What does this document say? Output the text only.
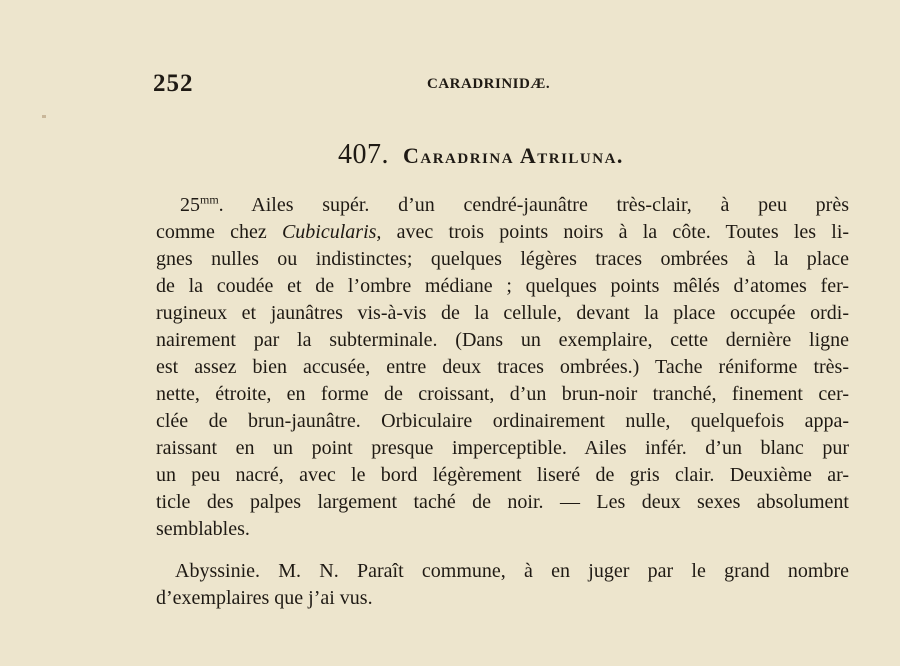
252	CARADRINIDÆ.
407. Caradrina Atriluna.
$25^{mm}$. Ailes supér. d’un cendré-jaunâtre très-clair, à peu près
comme chez Cubicularis, avec trois points noirs à la côte. Toutes les li-
gnes nulles ou indistinctes; quelques légères traces ombrées à la place
de la coudée et de l’ombre médiane ; quelques points mêlés d’atomes fer-
rugineux et jaunâtres vis-à-vis de la cellule, devant la place occupée ordi-
nairement par la subterminale. (Dans un exemplaire, cette dernière ligne
est assez bien accusée, entre deux traces ombrées.) Tache réniforme très-
nette, étroite, en forme de croissant, d’un brun-noir tranché, finement cer-
clée de brun-jaunâtre. Orbiculaire ordinairement nulle, quelquefois appa-
raissant en un point presque imperceptible. Ailes infér. d’un blanc pur
un peu nacré, avec le bord légèrement liseré de gris clair. Deuxième ar-
ticle des palpes largement taché de noir. — Les deux sexes absolument
semblables.
Abyssinie. M. N. Paraît commune, à en juger par le grand nombre
d’exemplaires que j’ai vus.
